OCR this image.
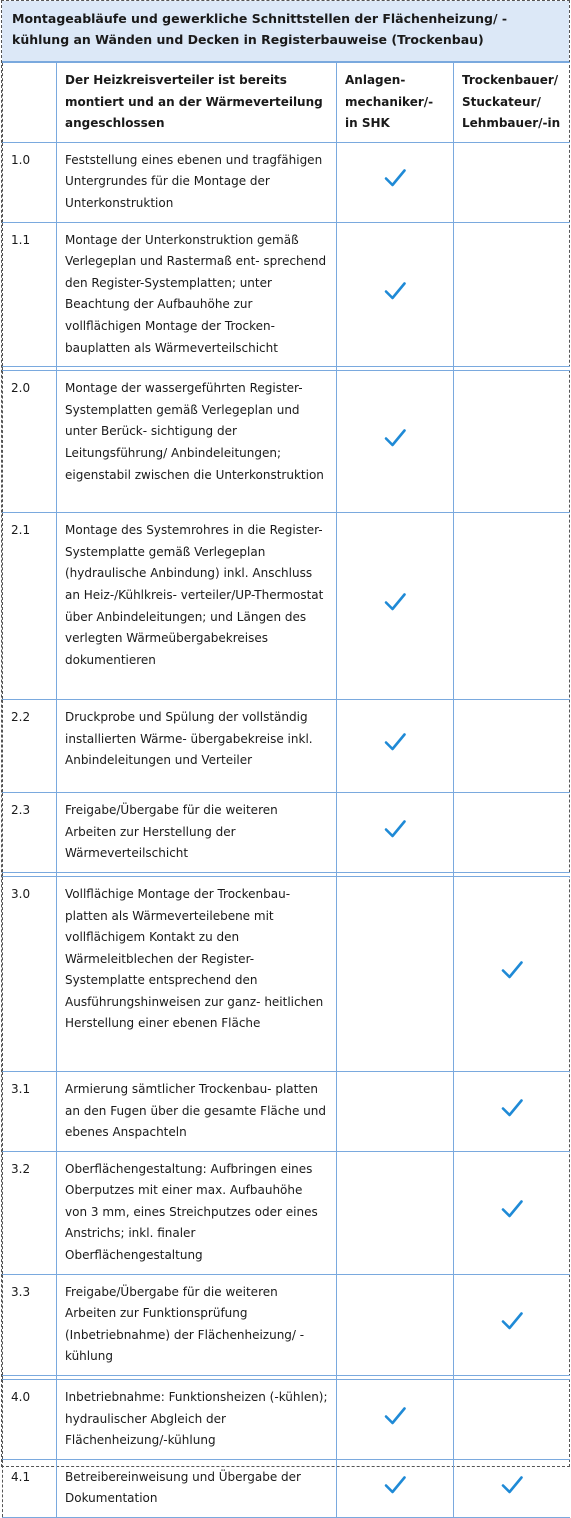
Montageabläufe und gewerkliche Schnittstellen der Flächenheizung/ -kühlung an Wänden und Decken in Registerbauweise (Trockenbau)
	Der Heizkreisverteiler ist bereits montiert und an der Wärmeverteilung angeschlossen	Anlagen- mechaniker/-in SHK	Trockenbauer/ Stuckateur/ Lehmbauer/-in
1.0	Feststellung eines ebenen und tragfähigen Untergrundes für die Montage der Unterkonstruktion		
1.1	Montage der Unterkonstruktion gemäß Verlegeplan und Rastermaß ent- sprechend den Register-Systemplatten; unter Beachtung der Aufbauhöhe zur vollflächigen Montage der Trocken- bauplatten als Wärmeverteilschicht		

2.0	Montage der wassergeführten Register-Systemplatten gemäß Verlegeplan und unter Berück- sichtigung der Leitungsführung/ Anbindeleitungen; eigenstabil zwischen die Unterkonstruktion		
2.1	Montage des Systemrohres in die Register-Systemplatte gemäß Verlegeplan (hydraulische Anbindung) inkl. Anschluss an Heiz-/Kühlkreis- verteiler/UP-Thermostat über Anbindeleitungen; und Längen des verlegten Wärmeübergabekreises dokumentieren		
2.2	Druckprobe und Spülung der vollständig installierten Wärme- übergabekreise inkl. Anbindeleitungen und Verteiler		
2.3	Freigabe/Übergabe für die weiteren Arbeiten zur Herstellung der Wärmeverteilschicht		

3.0	Vollflächige Montage der Trockenbau- platten als Wärmeverteilebene mit vollflächigem Kontakt zu den Wärmeleitblechen der Register- Systemplatte entsprechend den Ausführungshinweisen zur ganz- heitlichen Herstellung einer ebenen Fläche		
3.1	Armierung sämtlicher Trockenbau- platten an den Fugen über die gesamte Fläche und ebenes Anspachteln		
3.2	Oberflächengestaltung: Aufbringen eines Oberputzes mit einer max. Aufbauhöhe von 3 mm, eines Streichputzes oder eines Anstrichs; inkl. finaler Oberflächengestaltung		
3.3	Freigabe/Übergabe für die weiteren Arbeiten zur Funktionsprüfung (Inbetriebnahme) der Flächenheizung/ -kühlung		

4.0	Inbetriebnahme: Funktionsheizen (-kühlen); hydraulischer Abgleich der Flächenheizung/-kühlung		
4.1	Betreibereinweisung und Übergabe der Dokumentation		
